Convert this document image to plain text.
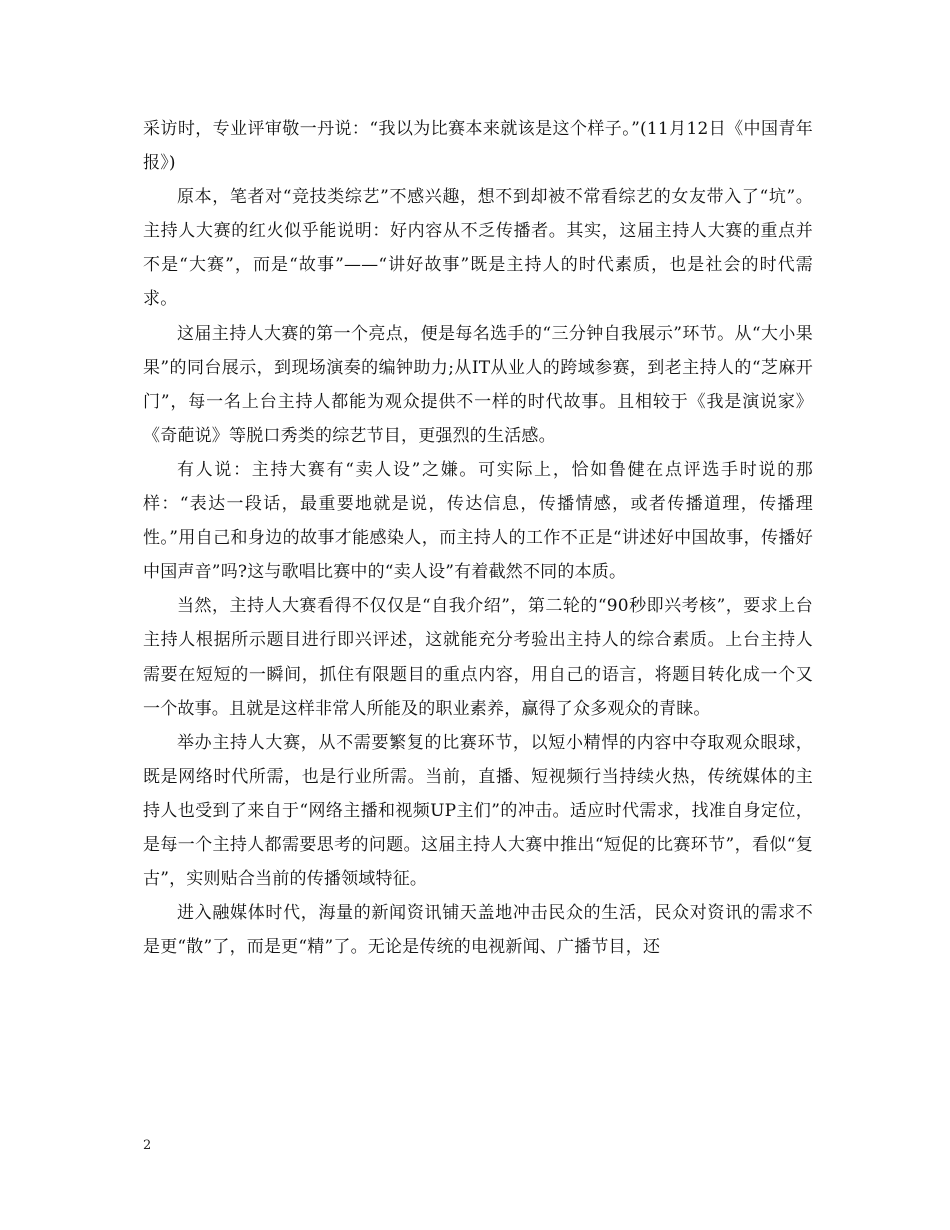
采访时，专业评审敬一丹说：“我以为比赛本来就该是这个样子。”(11月12日《中国青年报》)

原本，笔者对“竞技类综艺”不感兴趣，想不到却被不常看综艺的女友带入了“坑”。主持人大赛的红火似乎能说明：好内容从不乏传播者。其实，这届主持人大赛的重点并不是“大赛”，而是“故事”——“讲好故事”既是主持人的时代素质，也是社会的时代需求。

这届主持人大赛的第一个亮点，便是每名选手的“三分钟自我展示”环节。从“大小果果”的同台展示，到现场演奏的编钟助力;从IT从业人的跨域参赛，到老主持人的“芝麻开门”，每一名上台主持人都能为观众提供不一样的时代故事。且相较于《我是演说家》《奇葩说》等脱口秀类的综艺节目，更强烈的生活感。

有人说：主持大赛有“卖人设”之嫌。可实际上，恰如鲁健在点评选手时说的那样：“表达一段话，最重要地就是说，传达信息，传播情感，或者传播道理，传播理性。”用自己和身边的故事才能感染人，而主持人的工作不正是“讲述好中国故事，传播好中国声音”吗?这与歌唱比赛中的“卖人设”有着截然不同的本质。

当然，主持人大赛看得不仅仅是“自我介绍”，第二轮的“90秒即兴考核”，要求上台主持人根据所示题目进行即兴评述，这就能充分考验出主持人的综合素质。上台主持人需要在短短的一瞬间，抓住有限题目的重点内容，用自己的语言，将题目转化成一个又一个故事。且就是这样非常人所能及的职业素养，赢得了众多观众的青睐。

举办主持人大赛，从不需要繁复的比赛环节，以短小精悍的内容中夺取观众眼球，既是网络时代所需，也是行业所需。当前，直播、短视频行当持续火热，传统媒体的主持人也受到了来自于“网络主播和视频UP主们”的冲击。适应时代需求，找准自身定位，是每一个主持人都需要思考的问题。这届主持人大赛中推出“短促的比赛环节”，看似“复古”，实则贴合当前的传播领域特征。

进入融媒体时代，海量的新闻资讯铺天盖地冲击民众的生活，民众对资讯的需求不是更“散”了，而是更“精”了。无论是传统的电视新闻、广播节目，还

2
